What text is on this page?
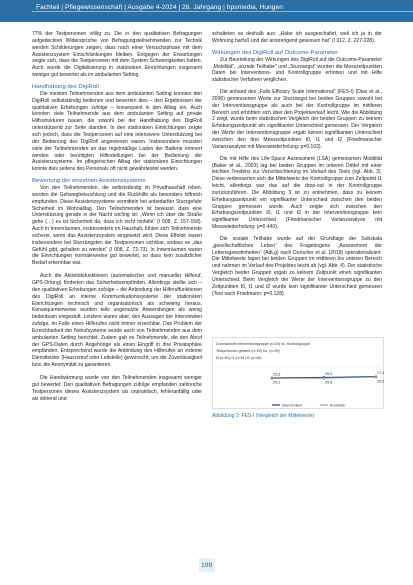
Fachteil | Pflegewissenschaft | Ausgabe 4-2024 | 26. Jahrgang | hpsmedia, Hungen

77% der Testpersonen völlig zu. Die in den qualitativen Befragungen aufgedeckten Widersprüche von Befragungsteilnehmenden zur Technik werden Schilderungen zeigen, dass nach einer Versuchsphase mit dem Assistenzsystem Einschränkungen bleiben. Entgegen der Erwartungen zeigte sich, dass die Testpersonen mit dem System Schwierigkeiten hatten. Auch wurde die Digitalisierung in stationären Einrichtungen insgesamt weniger gut bewertet als im ambulanten Setting.

Handhabung des DigiRoll

Die meisten Teilnehmenden aus dem ambulanten Setting konnten den DigiRoll selbstständig bedienen und bewerten dies – den Ergebnissen der qualitativen Erhebungen zufolge – konsequent in den Alltag ein. Auch konnten viele Teilnehmende aus dem ambulanten Setting auf private Hilfsstrukturen bauen, die sowohl bei der Handhabung des DigiRoll unterstützend zur Seite standen. In den stationären Einrichtungen zeigte sich jedoch, dass die Testpersonen auf eine intensivere Unterstützung bei der Bedienung des DigiRoll angewiesen waren. Insbesondere mussten viele der Teilnehmenden an das regelmäßige Laden der Batterie erinnert werden oder benötigten Hilfestellungen bei der Bedienung der Assistenzsysteme. Im pflegerischen Alltag der stationären Einrichtungen konnte dies seitens des Personals oft nicht gewährleistet werden.

Bewertung der einzelnen Assistenzsysteme

Von den Teilnehmenden, die selbstständig im Privathaushalt leben, wurden die Gehwegbeleuchtung und die Rückhilfe als besonders hilfreich empfunden. Diese Assistenzsysteme vermitteln bei unbedarfter Sturzgefahr Sicherheit im Wohnalltag. Den Teilnehmenden ist bewusst, dass eine Unterstützung gerade in der Nacht wichtig ist: „Wenn ich über die Straße gehe (…) es ist Sicherheit da, dass ich nicht hinfalle“ (I 008, Z. 157-158). Auch in Innenräumen, insbesondere im Haushalt, fühlen sich Teilnehmende sicherer, wenn das Assistenzsystem eingesetzt wird. Diese Effekte waren insbesondere bei Sturzängsten der Testpersonen sichtbar, sodass es „das Gefühl gibt, gehalten zu werden“ (I 008, Z. 72-73). In Innenräumen waren die Einrichtungen normalerweise gut bewertet, so dass kein zusätzlicher Bedarf erkennbar war.

Auch die Aktivitätsfunktionen (automatischer und manueller Hilferuf, GPS-Ortung) förderten das Sicherheitsempfinden. Allerdings stellte sich – den qualitativen Erhebungen zufolge – die Anbindung der Hilferuffunktionen des DigiRoll an interne Kommunikationssysteme der stationären Einrichtungen technisch und organisatorisch als schwierig heraus. Konsequenterweise wurden teils ungenutzte Anwendungen als wenig bedeutsam eingestuft. Letztere waren aber, den Aussagen der Interviewten zufolge, im Falle eines Hilferufes nicht immer erreichbar. Das Problem der Erreichbarkeit der Notrufsysteme wurde auch von Teilnehmenden aus dem ambulanten Setting berichtet. Zudem gab es Teilnehmende, die den Abruf der GPS-Daten durch Angehörige als einen Eingriff in ihre Privatsphäre empfanden. Entsprechend wurde die Anbindung des Hilferufes an externe Dienstleister (Hausnotruf oder Leitstelle) gewünscht, um die Zuverlässigkeit bzw. die Anonymität zu garantieren.

Die Handwärmung wurde von den Teilnehmenden insgesamt weniger gut bewertet. Den qualitativen Befragungen zufolge empfanden zahlreiche Testpersonen dieses Assistenzsystem als unpraktisch, fehleranfällig oder als störend und

schalteten es deshalb aus: „Habe ich ausgeschaltet, weil ich ja in der Wohnung barfuß und der anstrengend gesessen hat“ (I 012, Z. 227-228).

Wirkungen des DigiRoll auf Outcome-Parameter

Zur Beurteilung der Wirkungen des DigiRoll auf die Outcome-Parameter „Mobilität“, „soziale Teilhabe“ und „Sturzangst“ wurden die Messzeitpunkten Daten bei Interventions- und Kontrollgruppe erhoben und mit Hilfe statistischer Verfahren verglichen.

Die anhand des „Falls Efficacy Scale International“ (FES-I) (Dias et al., 2006) gemessenen Werte zur Sturzangst bei beiden Gruppen sowohl bei der Interventionsgruppe als auch bei der Kontrollgruppe im mittleren Bereich und erhöhten sich über den Projektverlauf leicht. Wie die Abbildung 2 zeigt, wurde beim statistischen Vergleich der beiden Gruppen zu keinem Erhebungszeitpunkt ein signifikanter Unterschied gemessen. Der Vergleich der Werte der Interventionsgruppe ergab keinen signifikanten Unterschied zwischen den drei Messzeitpunkten t0, t1 und t2 (Friedmanscher Varianzanalyse mit Messwiederholung: p=0.103).

Die mit Hilfe des Life-Space Assessment (LSA) gemessenen Mobilität (Baker et al., 2003) lag bei beiden Gruppen im unteren Drittel mit einer leichten Tendenz zur Verschlechterung im Verlauf des Tests (vgl. Abb. 3). Diese verbesserten sich die Mittelwerte der Kontrollgruppe zum Zeitpunkt t1 leicht, allerdings war das auf die drop-out in der Kontrollgruppe zurückzuführen. Die Abbildung 3 ist zu entnehmen, dass zu keinem Erhebungszeitpunkt ein signifikanter Unterschied zwischen den beiden Gruppen gemessen wurde. Auch zeigte sich zwischen den Erhebungszeitpunkten t0, t1 und t2 in der Interventionsgruppe kein signifikanter Unterschied (Friedmanscher Varianzanalyse mit Messwiederholung: p=0.440).

Die soziale Teilhabe wurde auf der Grundlage der Subskala „gesellschaftliches Leben“ des Fragebogens „Assessment der Lebensgewohnheiten“ (AdLg) nach Durocher et al. (2018) operationalisiert. Die Mittelwerte lagen bei beiden Gruppen im mittleren bis unteren Bereich und nahmen im Verlauf des Projektes leicht ab (vgl. Abb. 4). Der statistische Vergleich beider Gruppen ergab zu keinem Zeitpunkt einen signifikanten Unterschied. Beim Vergleich der Werte der Interventionsgruppe zu den Zeitpunkten t0, t1 und t2 wurde kein signifikanter Unterschied gemessen (Test nach Friedmann: p=0.128).

Durchschnitt Interventionsgruppe (n=24) vs. Kontrollgruppe
Testpersonen gesamt (n=99) Ko. (n=99)
t0 (n=81) t1 (n=61) t2 (n=48)
25,8	26,5	27,4
25,2	25,6	26,9
Intervention	Kontrolle
Abbildung 2: FES-I (Vergleich der Mittelwerte)
199
